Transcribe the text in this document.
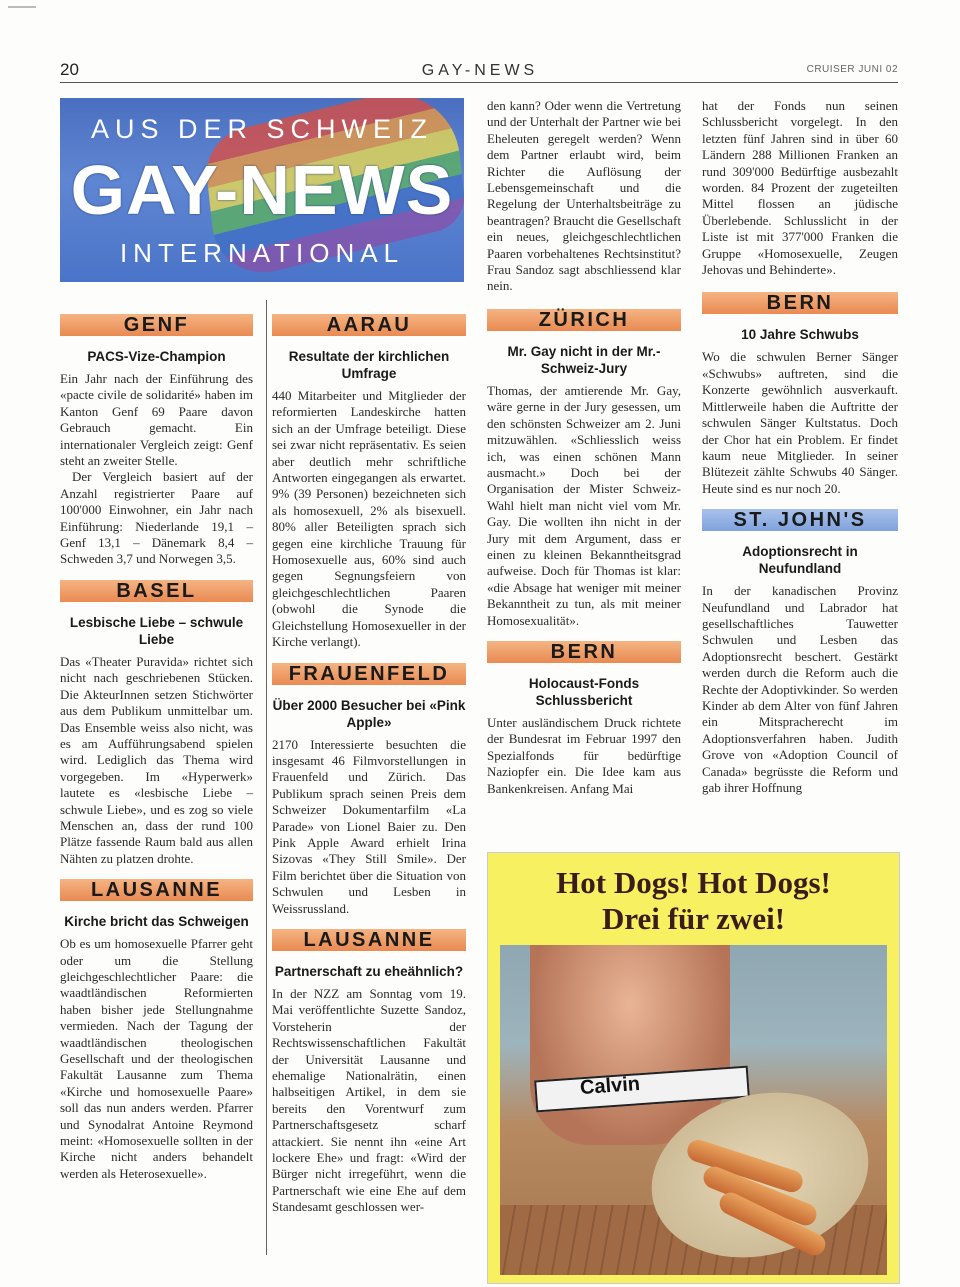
20	GAY-NEWS	CRUISER JUNI 02
AUS DER SCHWEIZ
GAY-NEWS
INTERNATIONAL
GENF
PACS-Vize-Champion

Ein Jahr nach der Einführung des «pacte civile de solidarité» haben im Kanton Genf 69 Paare davon Gebrauch gemacht. Ein internationaler Vergleich zeigt: Genf steht an zweiter Stelle.

Der Vergleich basiert auf der Anzahl registrierter Paare auf 100'000 Einwohner, ein Jahr nach Einführung: Niederlande 19,1 – Genf 13,1 – Dänemark 8,4 – Schweden 3,7 und Norwegen 3,5.

BASEL
Lesbische Liebe – schwule Liebe

Das «Theater Puravida» richtet sich nicht nach geschriebenen Stücken. Die AkteurInnen setzen Stichwörter aus dem Publikum unmittelbar um. Das Ensemble weiss also nicht, was es am Aufführungsabend spielen wird. Lediglich das Thema wird vorgegeben. Im «Hyperwerk» lautete es «lesbische Liebe – schwule Liebe», und es zog so viele Menschen an, dass der rund 100 Plätze fassende Raum bald aus allen Nähten zu platzen drohte.

LAUSANNE
Kirche bricht das Schweigen

Ob es um homosexuelle Pfarrer geht oder um die Stellung gleichgeschlechtlicher Paare: die waadtländischen Reformierten haben bisher jede Stellungnahme vermieden. Nach der Tagung der waadtländischen theologischen Gesellschaft und der theologischen Fakultät Lausanne zum Thema «Kirche und homosexuelle Paare» soll das nun anders werden. Pfarrer und Synodalrat Antoine Reymond meint: «Homosexuelle sollten in der Kirche nicht anders behandelt werden als Heterosexuelle».

AARAU
Resultate der kirchlichen Umfrage

440 Mitarbeiter und Mitglieder der reformierten Landeskirche hatten sich an der Umfrage beteiligt. Diese sei zwar nicht repräsentativ. Es seien aber deutlich mehr schriftliche Antworten eingegangen als erwartet. 9% (39 Personen) bezeichneten sich als homosexuell, 2% als bisexuell. 80% aller Beteiligten sprach sich gegen eine kirchliche Trauung für Homosexuelle aus, 60% sind auch gegen Segnungsfeiern von gleichgeschlechtlichen Paaren (obwohl die Synode die Gleichstellung Homosexueller in der Kirche verlangt).

FRAUENFELD
Über 2000 Besucher bei «Pink Apple»

2170 Interessierte besuchten die insgesamt 46 Filmvorstellungen in Frauenfeld und Zürich. Das Publikum sprach seinen Preis dem Schweizer Dokumentarfilm «La Parade» von Lionel Baier zu. Den Pink Apple Award erhielt Irina Sizovas «They Still Smile». Der Film berichtet über die Situation von Schwulen und Lesben in Weissrussland.

LAUSANNE
Partnerschaft zu eheähnlich?

In der NZZ am Sonntag vom 19. Mai veröffentlichte Suzette Sandoz, Vorsteherin der Rechtswissenschaftlichen Fakultät der Universität Lausanne und ehemalige Nationalrätin, einen halbseitigen Artikel, in dem sie bereits den Vorentwurf zum Partnerschaftsgesetz scharf attackiert. Sie nennt ihn «eine Art lockere Ehe» und fragt: «Wird der Bürger nicht irregeführt, wenn die Partnerschaft wie eine Ehe auf dem Standesamt geschlossen wer-

den kann? Oder wenn die Vertretung und der Unterhalt der Partner wie bei Eheleuten geregelt werden? Wenn dem Partner erlaubt wird, beim Richter die Auflösung der Lebensgemeinschaft und die Regelung der Unterhaltsbeiträge zu beantragen? Braucht die Gesellschaft ein neues, gleichgeschlechtlichen Paaren vorbehaltenes Rechtsinstitut? Frau Sandoz sagt abschliessend klar nein.

ZÜRICH
Mr. Gay nicht in der Mr.-Schweiz-Jury

Thomas, der amtierende Mr. Gay, wäre gerne in der Jury gesessen, um den schönsten Schweizer am 2. Juni mitzuwählen. «Schliesslich weiss ich, was einen schönen Mann ausmacht.» Doch bei der Organisation der Mister Schweiz-Wahl hielt man nicht viel vom Mr. Gay. Die wollten ihn nicht in der Jury mit dem Argument, dass er einen zu kleinen Bekanntheitsgrad aufweise. Doch für Thomas ist klar: «die Absage hat weniger mit meiner Bekanntheit zu tun, als mit meiner Homosexualität».

BERN
Holocaust-Fonds Schlussbericht

Unter ausländischem Druck richtete der Bundesrat im Februar 1997 den Spezialfonds für bedürftige Naziopfer ein. Die Idee kam aus Bankenkreisen. Anfang Mai

hat der Fonds nun seinen Schlussbericht vorgelegt. In den letzten fünf Jahren sind in über 60 Ländern 288 Millionen Franken an rund 309'000 Bedürftige ausbezahlt worden. 84 Prozent der zugeteilten Mittel flossen an jüdische Überlebende. Schlusslicht in der Liste ist mit 377'000 Franken die Gruppe «Homosexuelle, Zeugen Jehovas und Behinderte».

BERN
10 Jahre Schwubs

Wo die schwulen Berner Sänger «Schwubs» auftreten, sind die Konzerte gewöhnlich ausverkauft. Mittlerweile haben die Auftritte der schwulen Sänger Kultstatus. Doch der Chor hat ein Problem. Er findet kaum neue Mitglieder. In seiner Blütezeit zählte Schwubs 40 Sänger. Heute sind es nur noch 20.

ST. JOHN'S
Adoptionsrecht in Neufundland

In der kanadischen Provinz Neufundland und Labrador hat gesellschaftliches Tauwetter Schwulen und Lesben das Adoptionsrecht beschert. Gestärkt werden durch die Reform auch die Rechte der Adoptivkinder. So werden Kinder ab dem Alter von fünf Jahren ein Mitspracherecht im Adoptionsverfahren haben. Judith Grove von «Adoption Council of Canada» begrüsste die Reform und gab ihrer Hoffnung

Hot Dogs! Hot Dogs!
Drei für zwei!
Calvin
